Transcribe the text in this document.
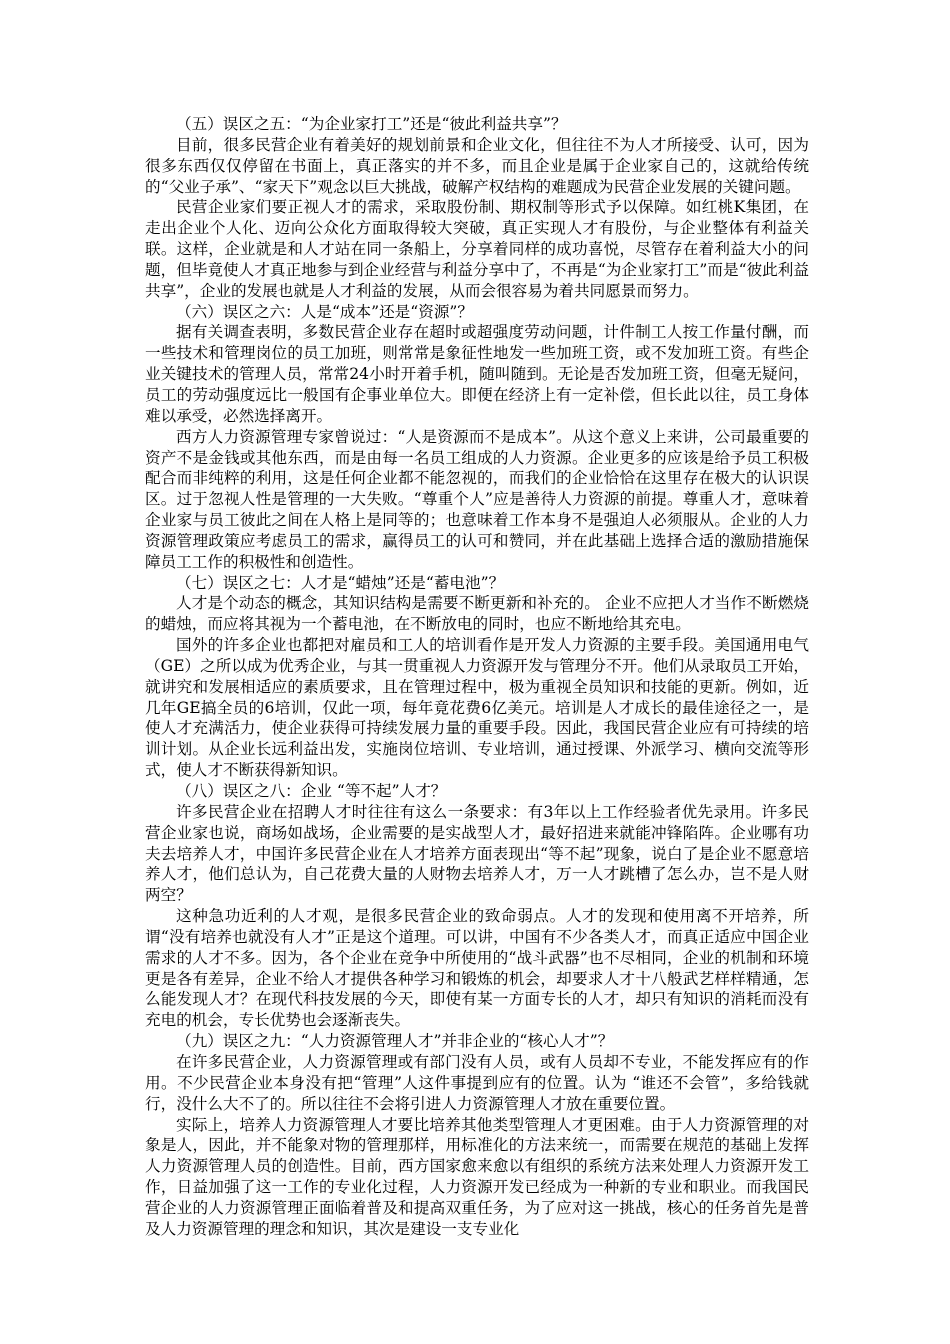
（五）误区之五：“为企业家打工”还是“彼此利益共享”？

目前，很多民营企业有着美好的规划前景和企业文化，但往往不为人才所接受、认可，因为很多东西仅仅停留在书面上，真正落实的并不多，而且企业是属于企业家自己的，这就给传统的“父业子承”、“家天下”观念以巨大挑战，破解产权结构的难题成为民营企业发展的关键问题。

民营企业家们要正视人才的需求，采取股份制、期权制等形式予以保障。如红桃K集团，在走出企业个人化、迈向公众化方面取得较大突破，真正实现人才有股份，与企业整体有利益关联。这样，企业就是和人才站在同一条船上，分享着同样的成功喜悦，尽管存在着利益大小的问题，但毕竟使人才真正地参与到企业经营与利益分享中了，不再是“为企业家打工”而是“彼此利益共享”，企业的发展也就是人才利益的发展，从而会很容易为着共同愿景而努力。

（六）误区之六：人是“成本”还是“资源”？

据有关调查表明，多数民营企业存在超时或超强度劳动问题，计件制工人按工作量付酬，而一些技术和管理岗位的员工加班，则常常是象征性地发一些加班工资，或不发加班工资。有些企业关键技术的管理人员，常常24小时开着手机，随叫随到。无论是否发加班工资，但毫无疑问，员工的劳动强度远比一般国有企事业单位大。即便在经济上有一定补偿，但长此以往，员工身体难以承受，必然选择离开。

西方人力资源管理专家曾说过：“人是资源而不是成本”。从这个意义上来讲，公司最重要的资产不是金钱或其他东西，而是由每一名员工组成的人力资源。企业更多的应该是给予员工积极配合而非纯粹的利用，这是任何企业都不能忽视的，而我们的企业恰恰在这里存在极大的认识误区。过于忽视人性是管理的一大失败。“尊重个人”应是善待人力资源的前提。尊重人才，意味着企业家与员工彼此之间在人格上是同等的；也意味着工作本身不是强迫人必须服从。企业的人力资源管理政策应考虑员工的需求，赢得员工的认可和赞同，并在此基础上选择合适的激励措施保障员工工作的积极性和创造性。

（七）误区之七：人才是“蜡烛”还是“蓄电池”？

人才是个动态的概念，其知识结构是需要不断更新和补充的。 企业不应把人才当作不断燃烧的蜡烛，而应将其视为一个蓄电池，在不断放电的同时，也应不断地给其充电。

国外的许多企业也都把对雇员和工人的培训看作是开发人力资源的主要手段。美国通用电气（GE）之所以成为优秀企业，与其一贯重视人力资源开发与管理分不开。他们从录取员工开始，就讲究和发展相适应的素质要求，且在管理过程中，极为重视全员知识和技能的更新。例如，近几年GE搞全员的6培训，仅此一项，每年竟花费6亿美元。培训是人才成长的最佳途径之一，是使人才充满活力，使企业获得可持续发展力量的重要手段。因此，我国民营企业应有可持续的培训计划。从企业长远利益出发，实施岗位培训、专业培训，通过授课、外派学习、横向交流等形式，使人才不断获得新知识。

（八）误区之八：企业 “等不起”人才？

许多民营企业在招聘人才时往往有这么一条要求：有3年以上工作经验者优先录用。许多民营企业家也说，商场如战场，企业需要的是实战型人才，最好招进来就能冲锋陷阵。企业哪有功夫去培养人才，中国许多民营企业在人才培养方面表现出“等不起”现象，说白了是企业不愿意培养人才，他们总认为，自己花费大量的人财物去培养人才，万一人才跳槽了怎么办，岂不是人财两空？

这种急功近利的人才观，是很多民营企业的致命弱点。人才的发现和使用离不开培养，所谓“没有培养也就没有人才”正是这个道理。可以讲，中国有不少各类人才，而真正适应中国企业需求的人才不多。因为，各个企业在竞争中所使用的“战斗武器”也不尽相同，企业的机制和环境更是各有差异，企业不给人才提供各种学习和锻炼的机会，却要求人才十八般武艺样样精通，怎么能发现人才？在现代科技发展的今天，即使有某一方面专长的人才，却只有知识的消耗而没有充电的机会，专长优势也会逐渐丧失。

（九）误区之九：“人力资源管理人才”并非企业的“核心人才”？

在许多民营企业，人力资源管理或有部门没有人员，或有人员却不专业，不能发挥应有的作用。不少民营企业本身没有把“管理”人这件事提到应有的位置。认为 “谁还不会管”，多给钱就行，没什么大不了的。所以往往不会将引进人力资源管理人才放在重要位置。

实际上，培养人力资源管理人才要比培养其他类型管理人才更困难。由于人力资源管理的对象是人，因此，并不能象对物的管理那样，用标准化的方法来统一，而需要在规范的基础上发挥人力资源管理人员的创造性。目前，西方国家愈来愈以有组织的系统方法来处理人力资源开发工作，日益加强了这一工作的专业化过程，人力资源开发已经成为一种新的专业和职业。而我国民营企业的人力资源管理正面临着普及和提高双重任务，为了应对这一挑战，核心的任务首先是普及人力资源管理的理念和知识，其次是建设一支专业化
